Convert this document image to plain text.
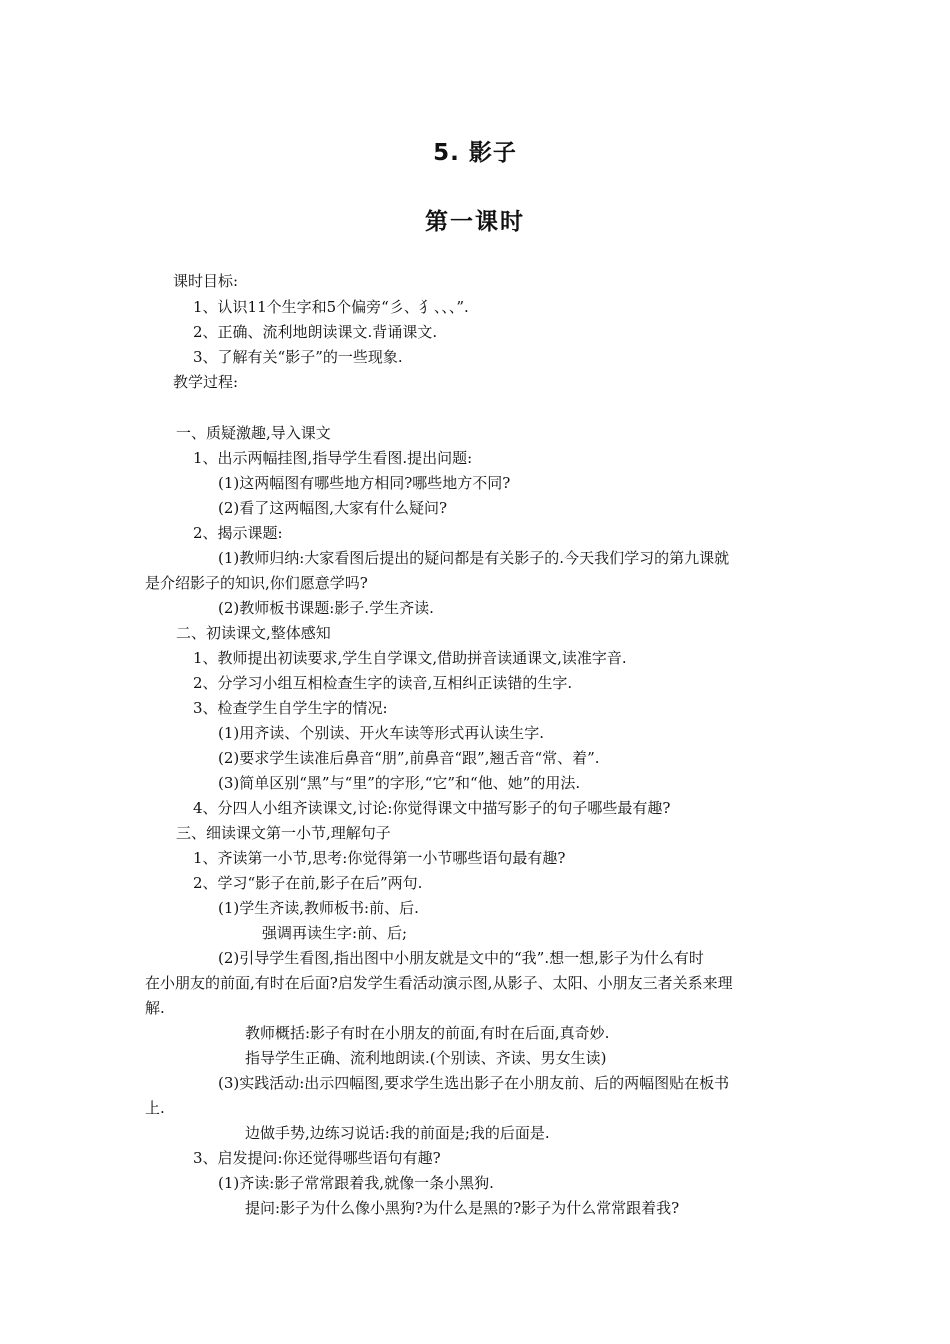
5. 影子
第一课时
课时目标:
1、认识11个生字和5个偏旁“彡、犭、、、”.
2、正确、流利地朗读课文.背诵课文.
3、了解有关“影子”的一些现象.
教学过程:
一、质疑激趣,导入课文
1、出示两幅挂图,指导学生看图.提出问题:
(1)这两幅图有哪些地方相同?哪些地方不同?
(2)看了这两幅图,大家有什么疑问?
2、揭示课题:
(1)教师归纳:大家看图后提出的疑问都是有关影子的.今天我们学习的第九课就
是介绍影子的知识,你们愿意学吗?
(2)教师板书课题:影子.学生齐读.
二、初读课文,整体感知
1、教师提出初读要求,学生自学课文,借助拼音读通课文,读准字音.
2、分学习小组互相检查生字的读音,互相纠正读错的生字.
3、检查学生自学生字的情况:
(1)用齐读、个别读、开火车读等形式再认读生字.
(2)要求学生读准后鼻音“朋”,前鼻音“跟”,翘舌音“常、着”.
(3)简单区别“黑”与“里”的字形,“它”和“他、她”的用法.
4、分四人小组齐读课文,讨论:你觉得课文中描写影子的句子哪些最有趣?
三、细读课文第一小节,理解句子
1、齐读第一小节,思考:你觉得第一小节哪些语句最有趣?
2、学习“影子在前,影子在后”两句.
(1)学生齐读,教师板书:前、后.
强调再读生字:前、后;
(2)引导学生看图,指出图中小朋友就是文中的“我”.想一想,影子为什么有时
在小朋友的前面,有时在后面?启发学生看活动演示图,从影子、太阳、小朋友三者关系来理
解.
教师概括:影子有时在小朋友的前面,有时在后面,真奇妙.
指导学生正确、流利地朗读.(个别读、齐读、男女生读)
(3)实践活动:出示四幅图,要求学生选出影子在小朋友前、后的两幅图贴在板书
上.
边做手势,边练习说话:我的前面是;我的后面是.
3、启发提问:你还觉得哪些语句有趣?
(1)齐读:影子常常跟着我,就像一条小黑狗.
提问:影子为什么像小黑狗?为什么是黑的?影子为什么常常跟着我?
